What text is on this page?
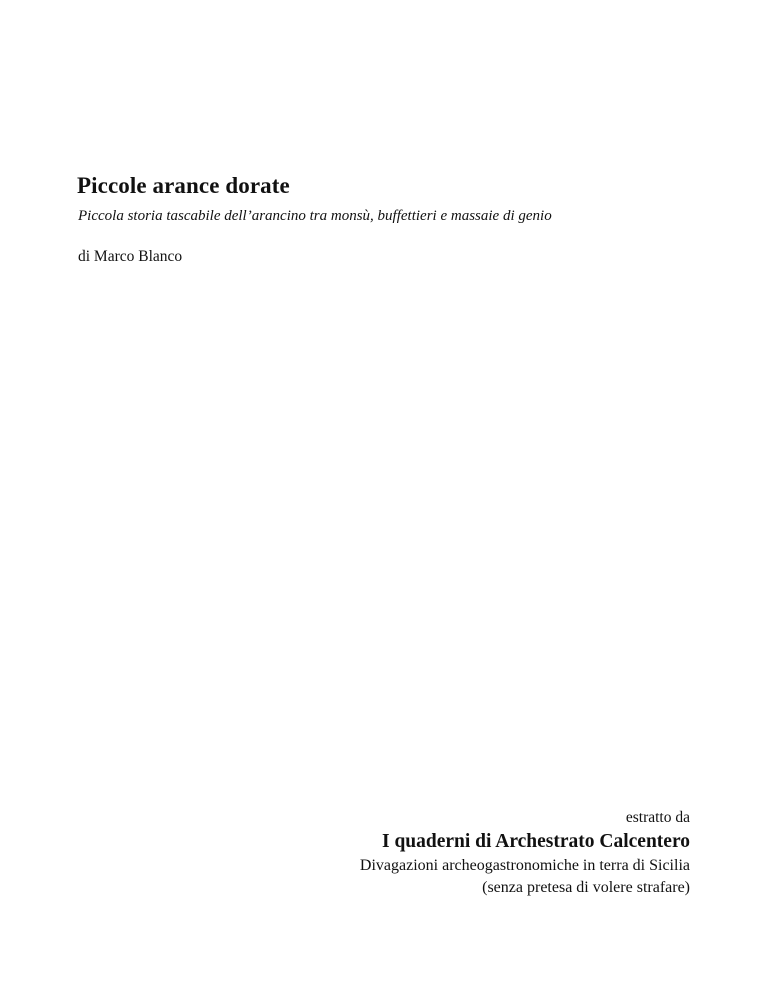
Piccole arance dorate
Piccola storia tascabile dell’arancino tra monsù, buffettieri e massaie di genio
di Marco Blanco
estratto da
I quaderni di Archestrato Calcentero
Divagazioni archeogastronomiche in terra di Sicilia
(senza pretesa di volere strafare)
